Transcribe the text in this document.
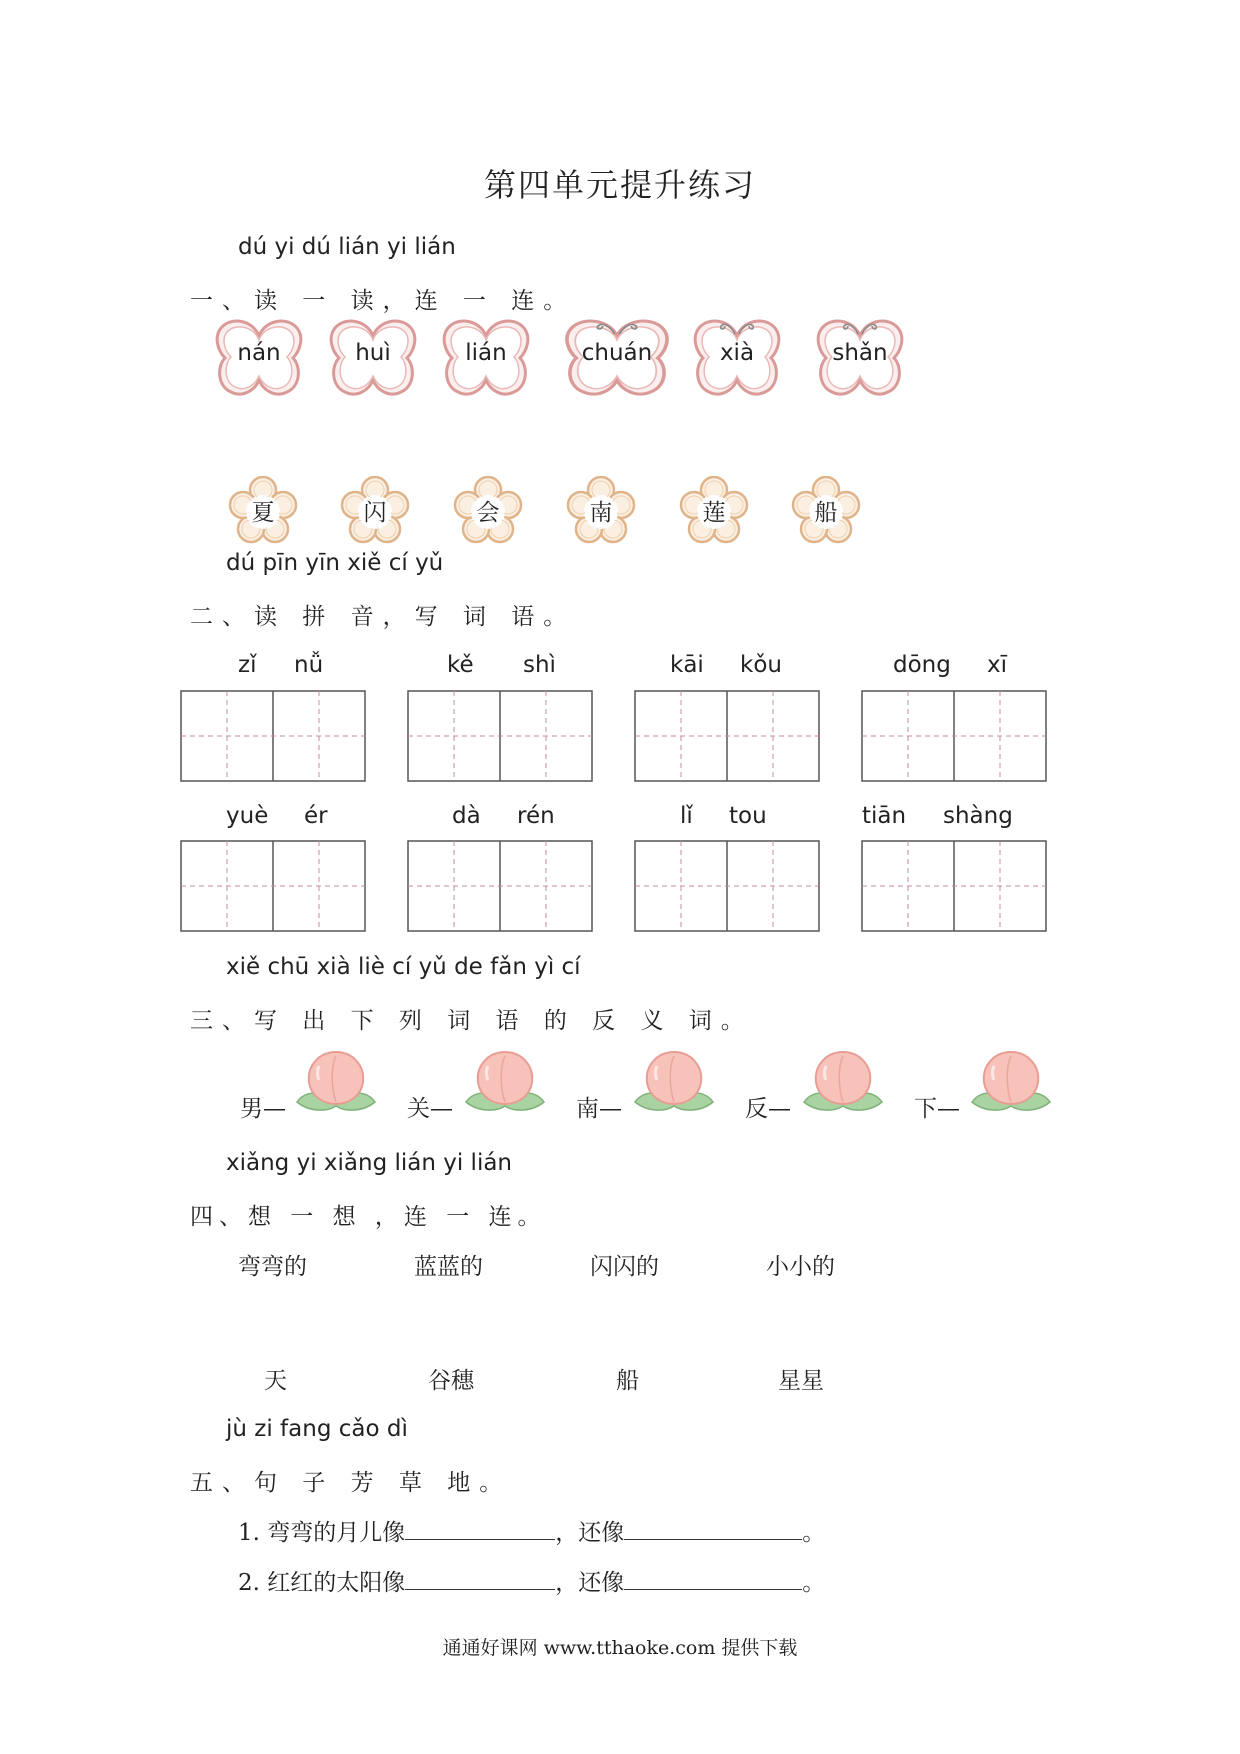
第四单元提升练习
dú yi dú lián yi lián
一、读 一 读，连 一 连。
nán	huì	lián	chuán	xià	shǎn
夏	闪	会	南	莲	船
dú pīn yīn xiě cí yǔ
二、读 拼 音，写 词 语。
zǐ nǚ	kě shì	kāi kǒu	dōng xī
yuè ér	dà rén	lǐ tou	tiān shàng
xiě chū xià liè cí yǔ de fǎn yì cí
三、写 出 下 列 词 语 的 反 义 词。
男—	关—	南—	反—	下—
xiǎng yi xiǎng lián yi lián
四、想 一 想 ，连 一 连。
弯弯的	蓝蓝的	闪闪的	小小的
天	谷穗	船	星星
jù zi fang cǎo dì
五、句 子 芳 草 地。
1. 弯弯的月儿像	，还像	。
2. 红红的太阳像	，还像	。
通通好课网 www.tthaoke.com 提供下载
